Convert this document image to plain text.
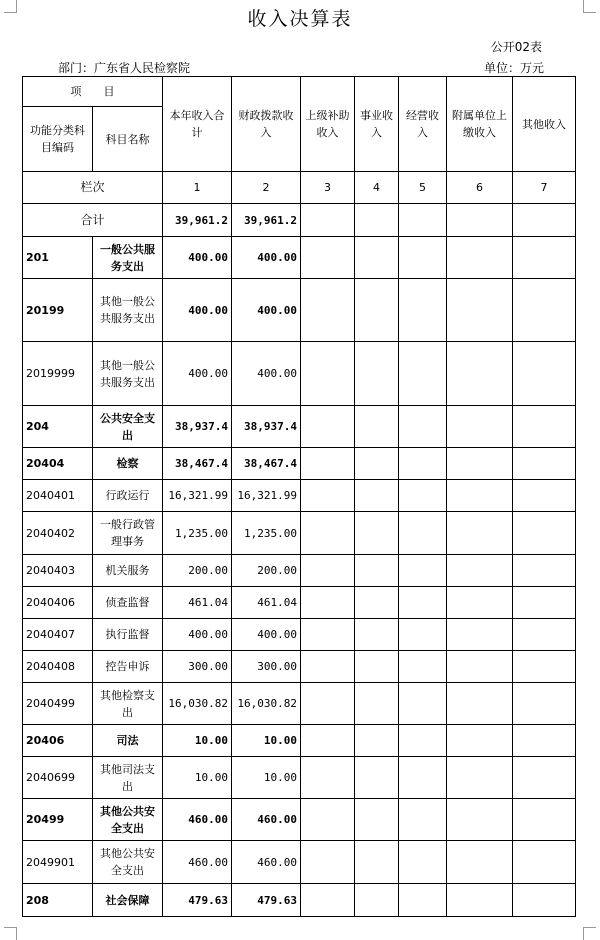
收入决算表
公开02表
部门：广东省人民检察院	单位：万元
项　　目		本年收入合计	财政拨款收入	上级补助收入	事业收入	经营收入	附属单位上缴收入	其他收入
功能分类科目编码	科目名称							
栏次		1	2	3	4	5	6	7
合计		39,961.2	39,961.2					
201	一般公共服务支出	400.00	400.00					
20199	其他一般公共服务支出	400.00	400.00					
2019999	其他一般公共服务支出	400.00	400.00					
204	公共安全支出	38,937.4	38,937.4					
20404	检察	38,467.4	38,467.4					
2040401	行政运行	16,321.99	16,321.99					
2040402	一般行政管理事务	1,235.00	1,235.00					
2040403	机关服务	200.00	200.00					
2040406	侦查监督	461.04	461.04					
2040407	执行监督	400.00	400.00					
2040408	控告申诉	300.00	300.00					
2040499	其他检察支出	16,030.82	16,030.82					
20406	司法	10.00	10.00					
2040699	其他司法支出	10.00	10.00					
20499	其他公共安全支出	460.00	460.00					
2049901	其他公共安全支出	460.00	460.00					
208	社会保障	479.63	479.63					
